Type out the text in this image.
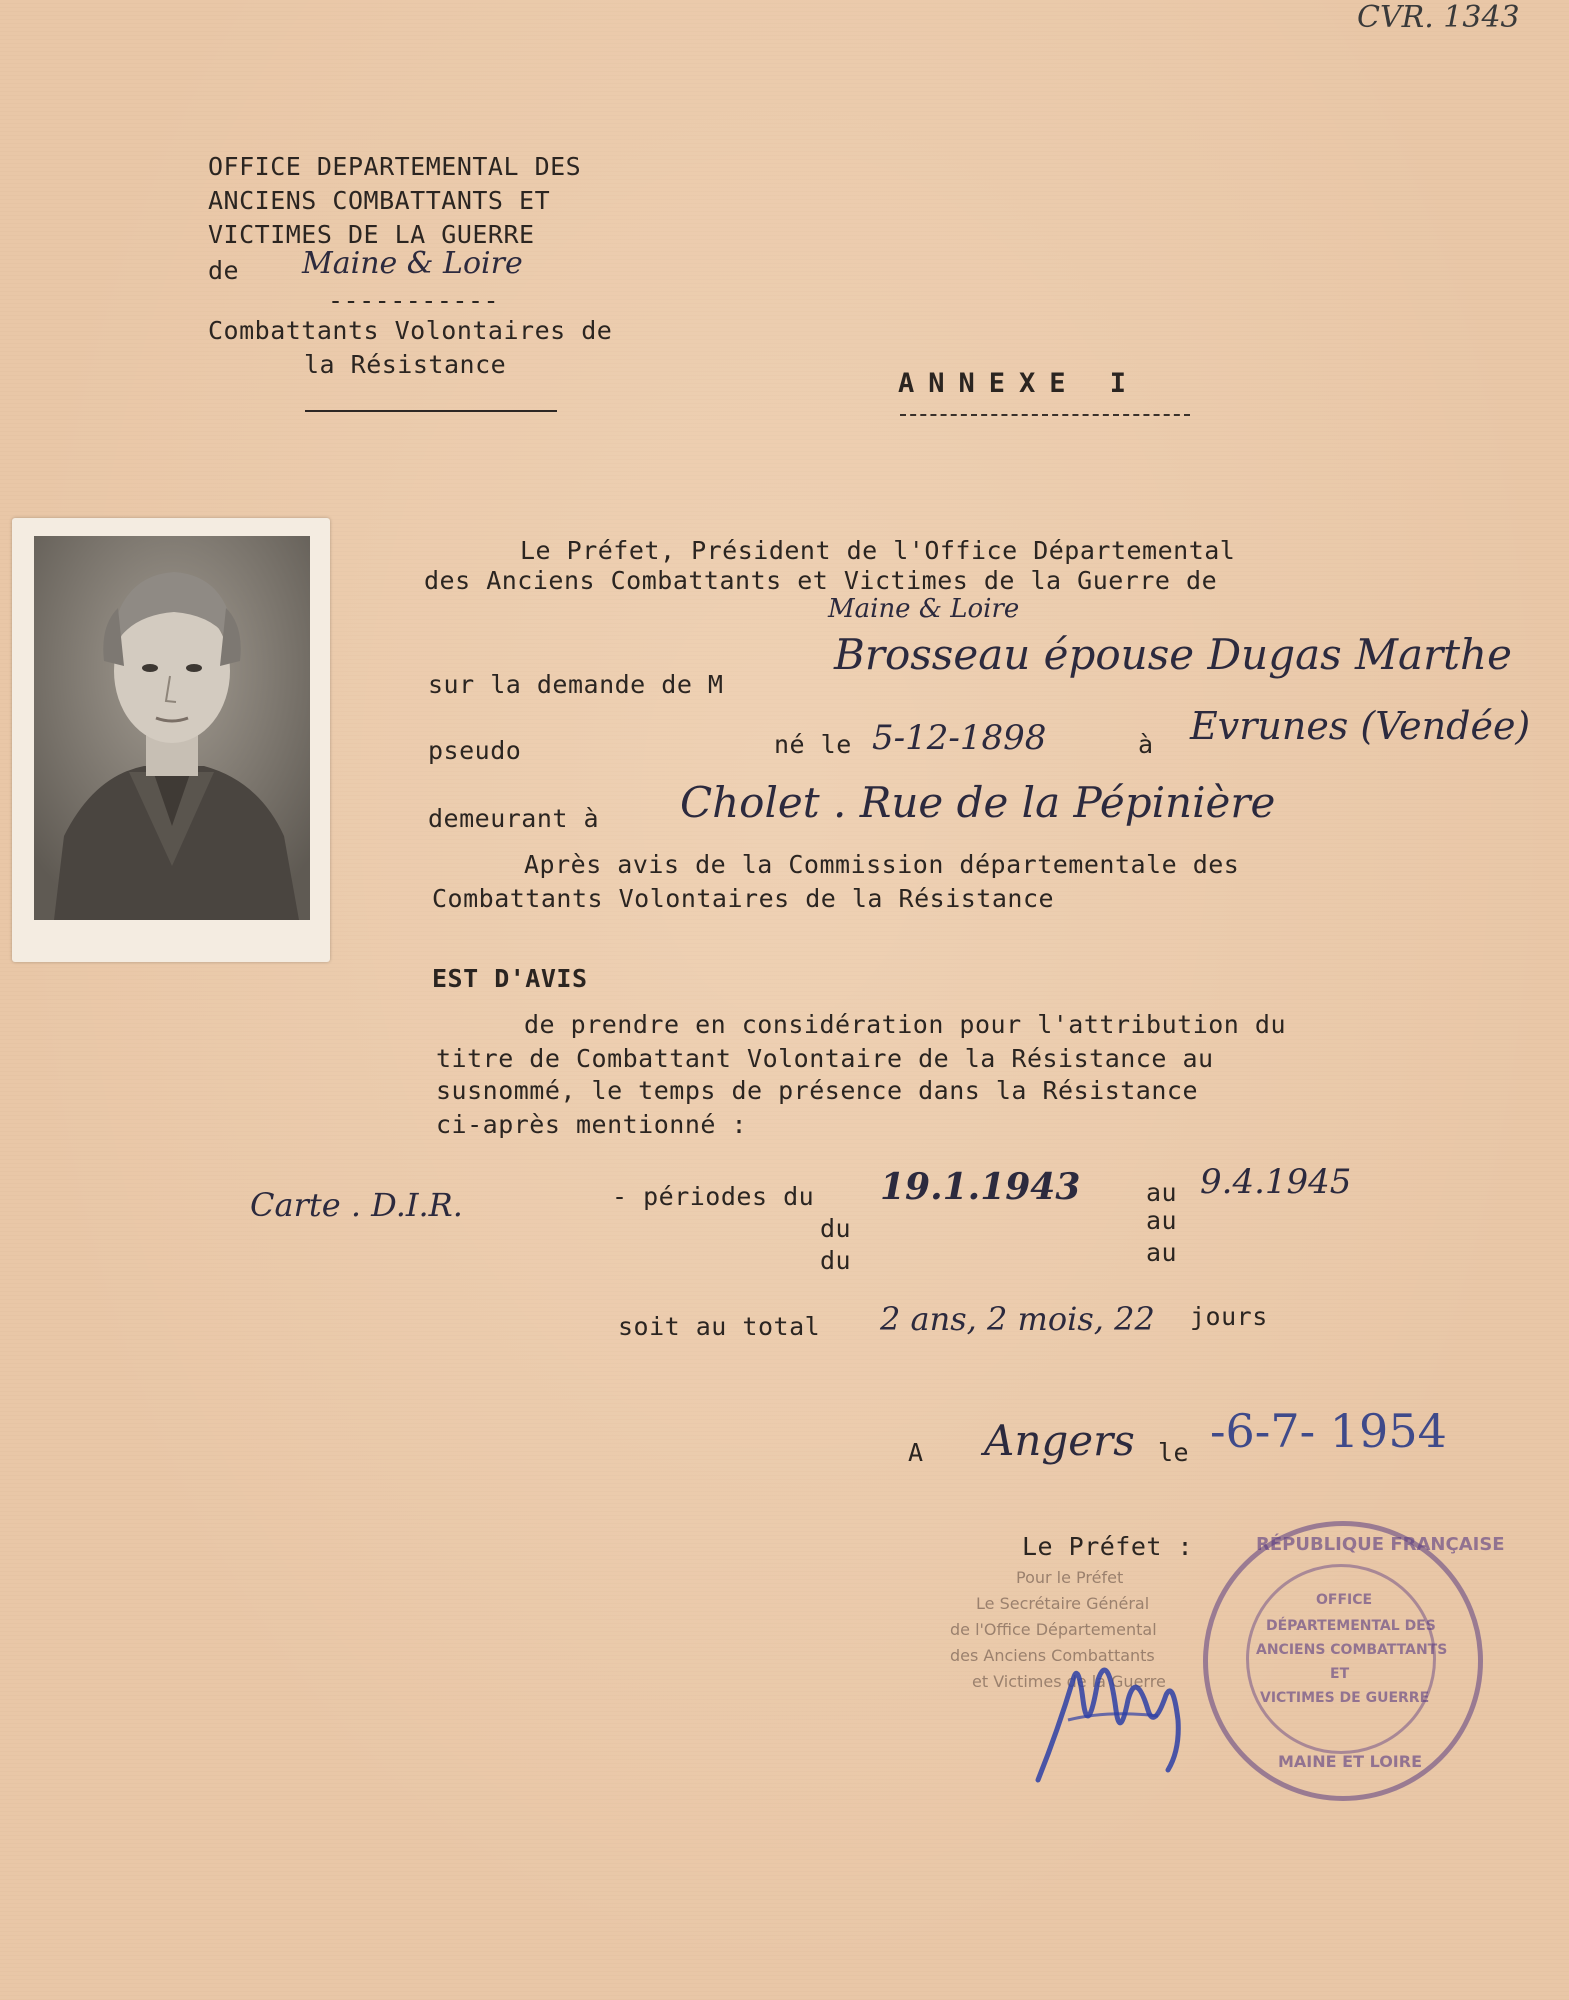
CVR. 1343
OFFICE DEPARTEMENTAL DES
ANCIENS COMBATTANTS ET
VICTIMES DE LA GUERRE
de Maine & Loire
-----------
Combattants Volontaires de
la Résistance
ANNEXE I
Le Préfet, Président de l'Office Départemental
des Anciens Combattants et Victimes de la Guerre de
Maine & Loire
sur la demande de M
Brosseau épouse Dugas Marthe
pseudo	né le 5-12-1898	à Evrunes (Vendée)
demeurant à Cholet . Rue de la Pépinière
Après avis de la Commission départementale des
Combattants Volontaires de la Résistance
EST D'AVIS
de prendre en considération pour l'attribution du
titre de Combattant Volontaire de la Résistance au
susnommé, le temps de présence dans la Résistance
ci-après mentionné :
Carte . D.I.R.	- périodes du 19.1.1943	au 9.4.1945
du	au
du	au
soit au total 2 ans, 2 mois, 22 jours
A Angers le -6-7- 1954
Le Préfet :
Pour le Préfet
Le Secrétaire Général
de l'Office Départemental
des Anciens Combattants
et Victimes de la Guerre
RÉPUBLIQUE FRANÇAISE
OFFICE
DÉPARTEMENTAL DES
ANCIENS COMBATTANTS
ET
VICTIMES DE GUERRE
MAINE ET LOIRE
